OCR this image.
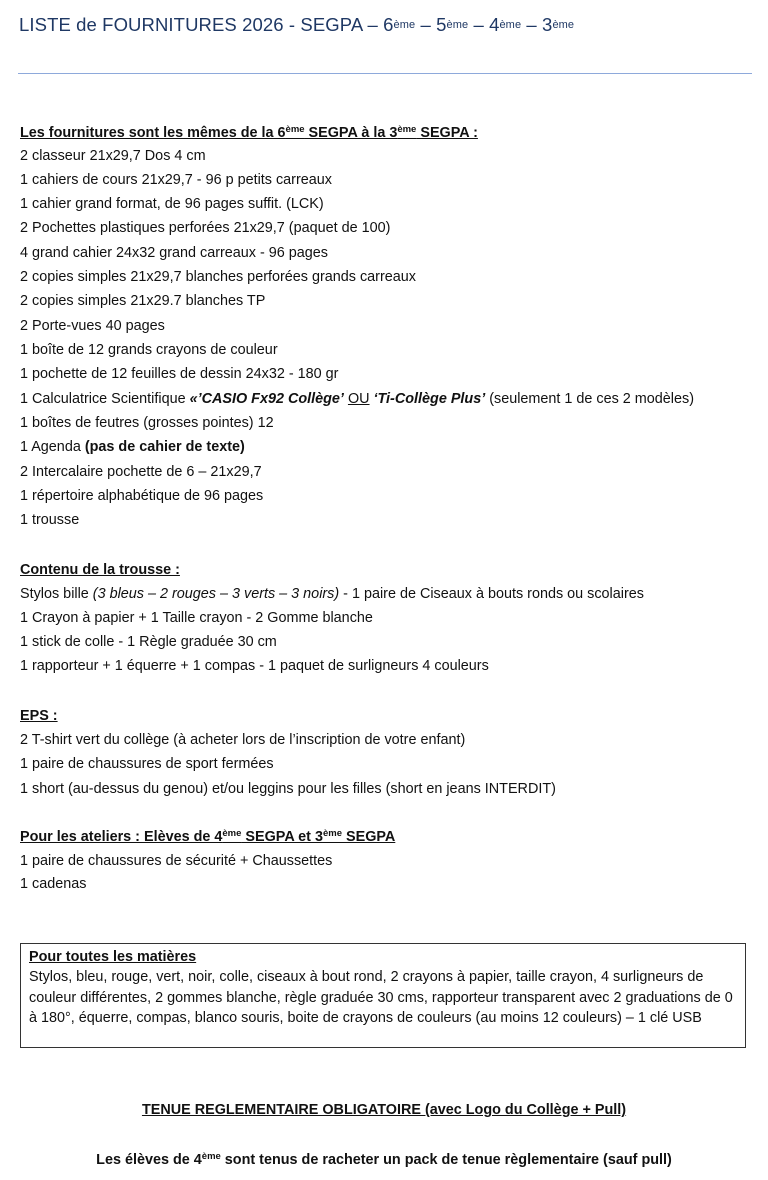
LISTE de FOURNITURES 2026 - SEGPA – 6ème – 5ème – 4ème – 3ème
Les fournitures sont les mêmes de la 6ème SEGPA à la 3ème SEGPA :
2 classeur 21x29,7 Dos 4 cm
1 cahiers de cours 21x29,7 - 96 p petits carreaux
1 cahier grand format, de 96 pages suffit. (LCK)
2 Pochettes plastiques perforées 21x29,7 (paquet de 100)
4 grand cahier 24x32 grand carreaux - 96 pages
2 copies simples 21x29,7 blanches perforées grands carreaux
2 copies simples 21x29.7 blanches TP
2 Porte-vues 40 pages
1 boîte de 12 grands crayons de couleur
1 pochette de 12 feuilles de dessin 24x32 - 180 gr
1 Calculatrice Scientifique «’CASIO Fx92 Collège’ OU ‘Ti-Collège Plus’ (seulement 1 de ces 2 modèles)
1 boîtes de feutres (grosses pointes) 12
1 Agenda (pas de cahier de texte)
2 Intercalaire pochette de 6 – 21x29,7
1 répertoire alphabétique de 96 pages
1 trousse
Contenu de la trousse :
Stylos bille (3 bleus – 2 rouges – 3 verts – 3 noirs) - 1 paire de Ciseaux à bouts ronds ou scolaires
1 Crayon à papier + 1 Taille crayon - 2 Gomme blanche
1 stick de colle - 1 Règle graduée 30 cm
1 rapporteur + 1 équerre + 1 compas - 1 paquet de surligneurs 4 couleurs
EPS :
2 T-shirt vert du collège (à acheter lors de l’inscription de votre enfant)
1 paire de chaussures de sport fermées
1 short (au-dessus du genou) et/ou leggins pour les filles (short en jeans INTERDIT)
Pour les ateliers : Elèves de 4ème SEGPA et 3ème SEGPA
1 paire de chaussures de sécurité + Chaussettes
1 cadenas
Pour toutes les matières
Stylos, bleu, rouge, vert, noir, colle, ciseaux à bout rond, 2 crayons à papier, taille crayon, 4 surligneurs de couleur différentes, 2 gommes blanche, règle graduée 30 cms, rapporteur transparent avec 2 graduations de 0 à 180°, équerre, compas, blanco souris, boite de crayons de couleurs (au moins 12 couleurs) – 1 clé USB
TENUE REGLEMENTAIRE OBLIGATOIRE (avec Logo du Collège + Pull)
Les élèves de 4ème sont tenus de racheter un pack de tenue règlementaire (sauf pull)
